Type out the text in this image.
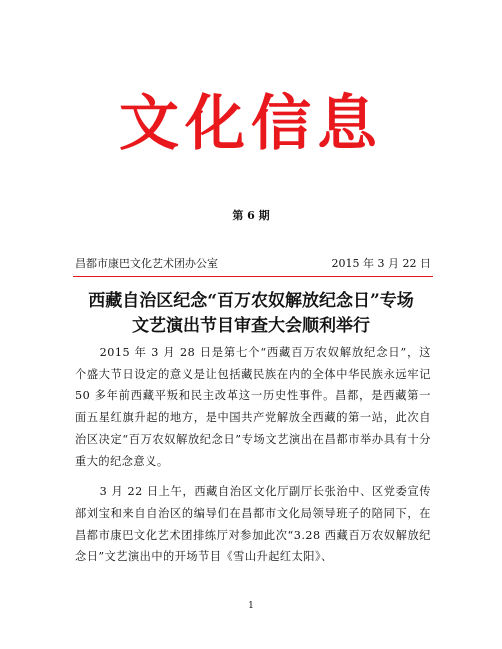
文化信息
第 6 期
昌都市康巴文化艺术团办公室	2015 年 3 月 22 日
西藏自治区纪念“百万农奴解放纪念日”专场
文艺演出节目审查大会顺利举行

2015 年 3 月 28 日是第七个“西藏百万农奴解放纪念日”，这个盛大节日设定的意义是让包括藏民族在内的全体中华民族永远牢记 50 多年前西藏平叛和民主改革这一历史性事件。昌都，是西藏第一面五星红旗升起的地方，是中国共产党解放全西藏的第一站，此次自治区决定“百万农奴解放纪念日”专场文艺演出在昌都市举办具有十分重大的纪念意义。

3 月 22 日上午，西藏自治区文化厅副厅长张治中、区党委宣传部刘宝和来自自治区的编导们在昌都市文化局领导班子的陪同下，在昌都市康巴文化艺术团排练厅对参加此次“3.28 西藏百万农奴解放纪念日”文艺演出中的开场节目《雪山升起红太阳》、

1
